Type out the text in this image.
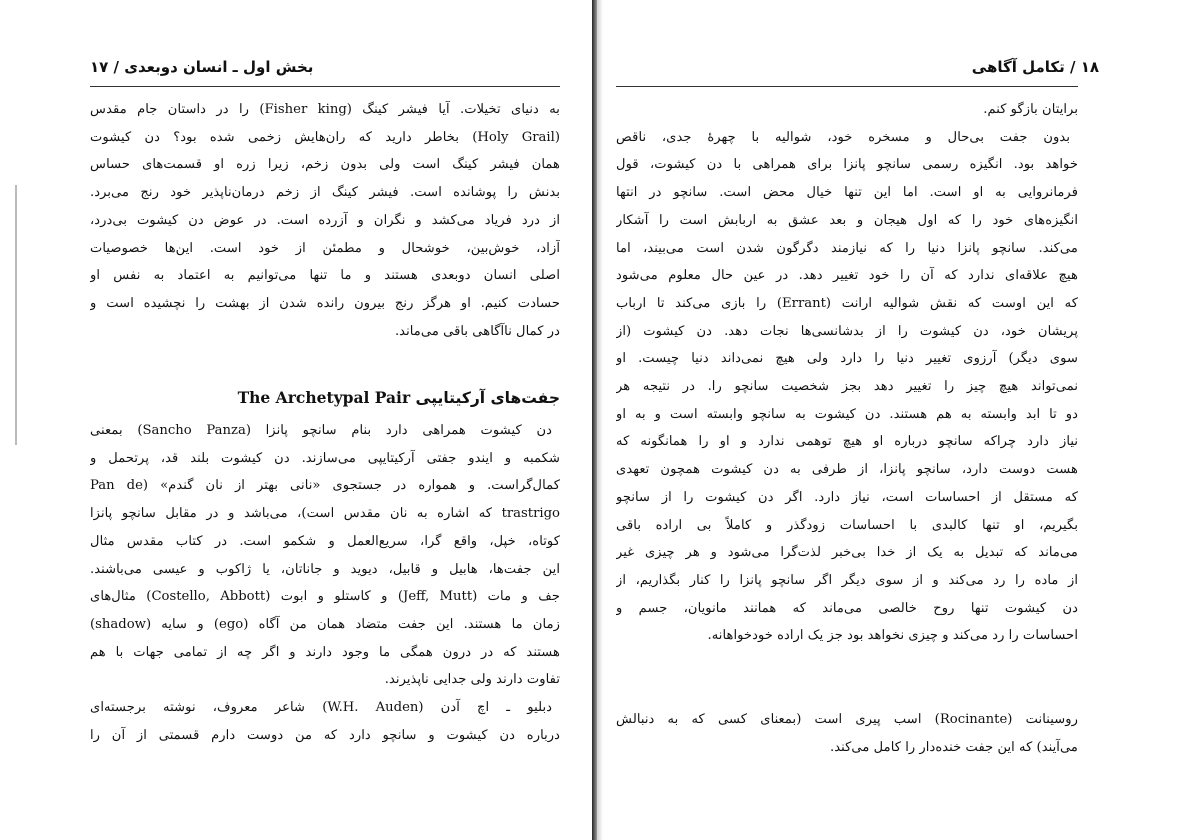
بخش اول ـ انسان دوبعدی / ۱۷
به دنیای تخیلات. آیا فیشر کینگ (Fisher king) را در داستان جام مقدس
(Holy Grail) بخاطر دارید که ران‌هایش زخمی شده بود؟ دن کیشوت
همان فیشر کینگ است ولی بدون زخم، زیرا زره او قسمت‌های حساس
بدنش را پوشانده است. فیشر کینگ از زخم درمان‌ناپذیر خود رنج می‌برد.
از درد فریاد می‌کشد و نگران و آزرده است. در عوض دن کیشوت بی‌درد،
آزاد، خوش‌بین، خوشحال و مطمئن از خود است. این‌ها خصوصیات
اصلی انسان دوبعدی هستند و ما تنها می‌توانیم به اعتماد به نفس او
حسادت کنیم. او هرگز رنج بیرون رانده شدن از بهشت را نچشیده است و
در کمال ناآگاهی باقی می‌ماند.
جفت‌های آرکیتایپی The Archetypal Pair
دن کیشوت همراهی دارد بنام سانچو پانزا (Sancho Panza) بمعنی
شکمبه و ایندو جفتی آرکیتایپی می‌سازند. دن کیشوت بلند قد، پرتحمل و
کمال‌گراست. و همواره در جستجوی «نانی بهتر از نان گندم» (Pan de
trastrigo که اشاره به نان مقدس است)، می‌باشد و در مقابل سانچو پانزا
کوتاه، خپل، واقع گرا، سریع‌العمل و شکمو است. در کتاب مقدس مثال
این جفت‌ها، هابیل و قابیل، دیوید و جاناتان، یا ژاکوب و عیسی می‌باشند.
جف و مات (Jeff, Mutt) و کاستلو و ابوت (Costello, Abbott) مثال‌های
زمان ما هستند. این جفت متضاد همان من آگاه (ego) و سایه (shadow)
هستند که در درون همگی ما وجود دارند و اگر چه از تمامی جهات با هم
تفاوت دارند ولی جدایی ناپذیرند.
دبلیو ـ اچ آدن (W.H. Auden) شاعر معروف، نوشته برجسته‌ای
درباره دن کیشوت و سانچو دارد که من دوست دارم قسمتی از آن را
۱۸ / تکامل آگاهی
برایتان بازگو کنم.
بدون جفت بی‌حال و مسخره خود، شوالیه با چهرهٔ جدی، ناقص
خواهد بود. انگیزه رسمی سانچو پانزا برای همراهی با دن کیشوت، قول
فرمانروایی به او است. اما این تنها خیال محض است. سانچو در انتها
انگیزه‌های خود را که اول هیجان و بعد عشق به اربابش است را آشکار
می‌کند. سانچو پانزا دنیا را که نیازمند دگرگون شدن است می‌بیند، اما
هیچ علاقه‌ای ندارد که آن را خود تغییر دهد. در عین حال معلوم می‌شود
که این اوست که نقش شوالیه ارانت (Errant) را بازی می‌کند تا ارباب
پریشان خود، دن کیشوت را از بدشانسی‌ها نجات دهد. دن کیشوت (از
سوی دیگر) آرزوی تغییر دنیا را دارد ولی هیچ نمی‌داند دنیا چیست. او
نمی‌تواند هیچ چیز را تغییر دهد بجز شخصیت سانچو را. در نتیجه هر
دو تا ابد وابسته به هم هستند. دن کیشوت به سانچو وابسته است و به او
نیاز دارد چراکه سانچو درباره او هیچ توهمی ندارد و او را همانگونه که
هست دوست دارد، سانچو پانزا، از طرفی به دن کیشوت همچون تعهدی
که مستقل از احساسات است، نیاز دارد. اگر دن کیشوت را از سانچو
بگیریم، او تنها کالبدی با احساسات زودگذر و کاملاً بی اراده باقی
می‌ماند که تبدیل به یک از خدا بی‌خبر لذت‌گرا می‌شود و هر چیزی غیر
از ماده را رد می‌کند و از سوی دیگر اگر سانچو پانزا را کنار بگذاریم، از
دن کیشوت تنها روح خالصی می‌ماند که همانند مانویان، جسم و
احساسات را رد می‌کند و چیزی نخواهد بود جز یک اراده خودخواهانه.
روسینانت (Rocinante) اسب پیری است (بمعنای کسی که به دنبالش
می‌آیند) که این جفت خنده‌دار را کامل می‌کند.
